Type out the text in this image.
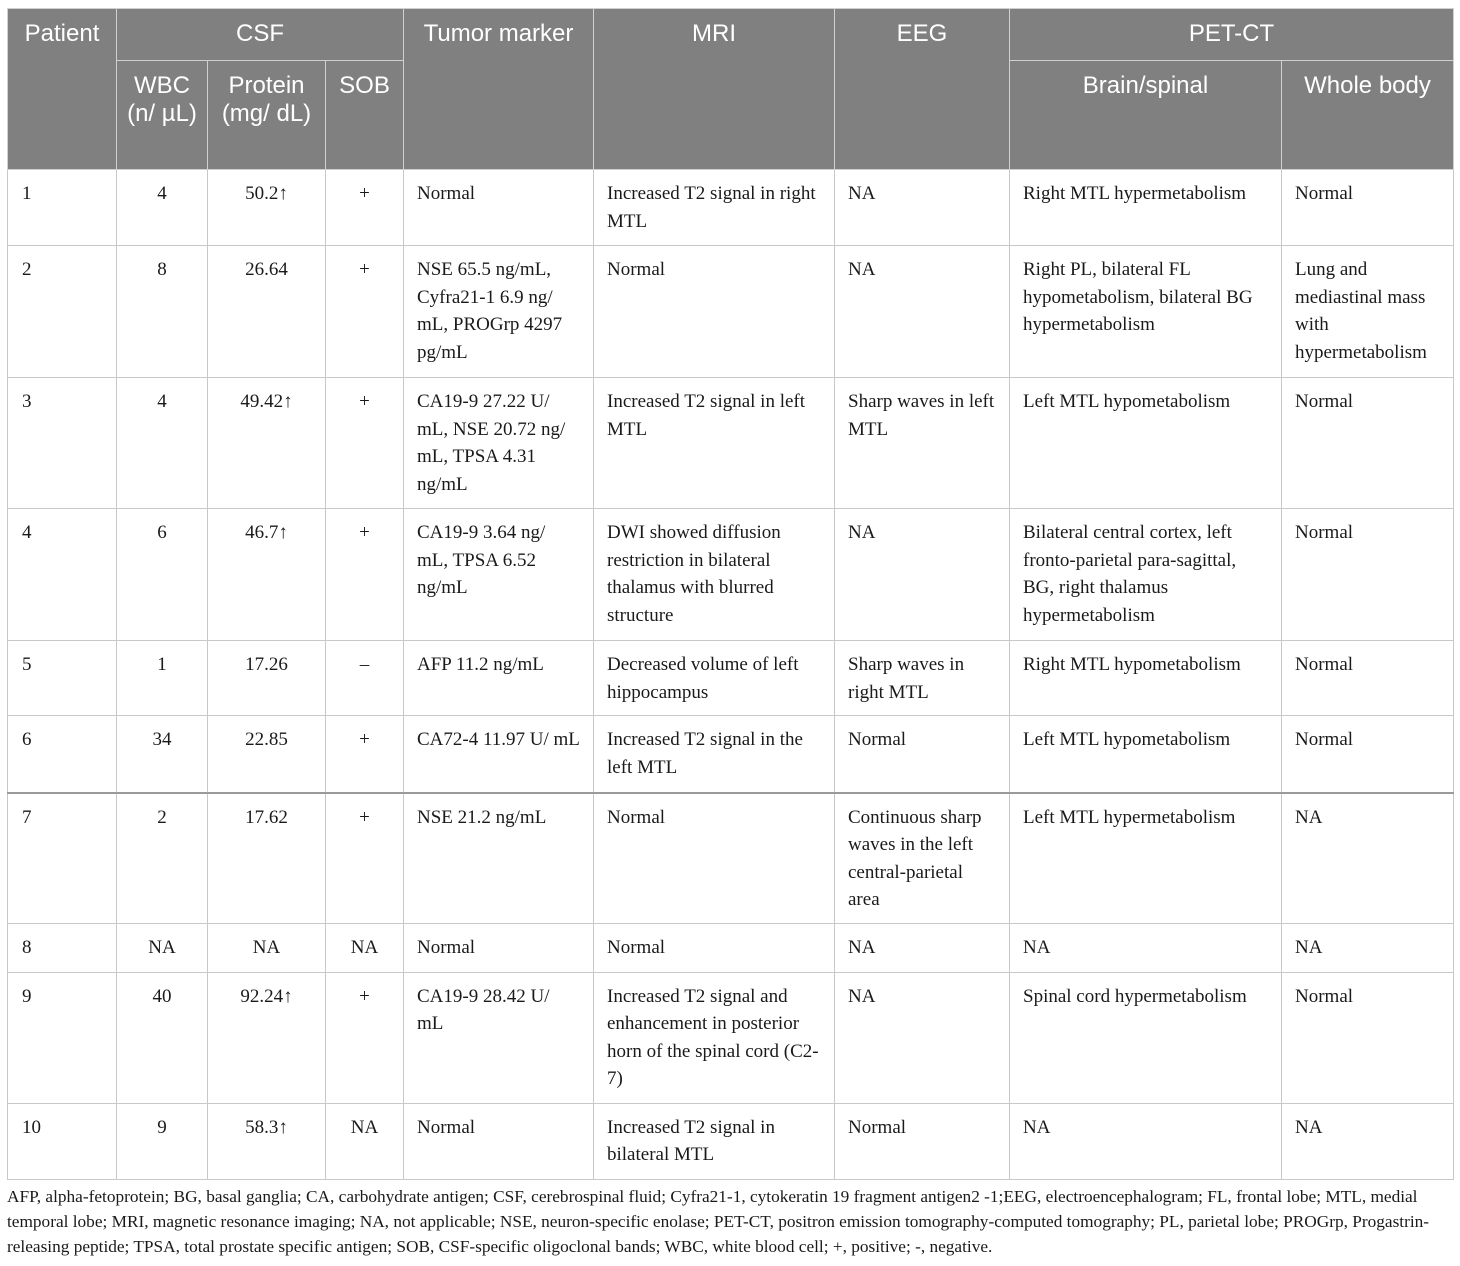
Patient	CSF			Tumor marker	MRI	EEG	PET-CT	
	WBC (n/ µL)	Protein (mg/ dL)	SOB				Brain/spinal	Whole body
1	4	50.2↑	+	Normal	Increased T2 signal in right MTL	NA	Right MTL hypermetabolism	Normal
2	8	26.64	+	NSE 65.5 ng/mL, Cyfra21-1 6.9 ng/ mL, PROGrp 4297 pg/mL	Normal	NA	Right PL, bilateral FL hypometabolism, bilateral BG hypermetabolism	Lung and mediastinal mass with hypermetabolism
3	4	49.42↑	+	CA19-9 27.22 U/ mL, NSE 20.72 ng/ mL, TPSA 4.31 ng/mL	Increased T2 signal in left MTL	Sharp waves in left MTL	Left MTL hypometabolism	Normal
4	6	46.7↑	+	CA19-9 3.64 ng/ mL, TPSA 6.52 ng/mL	DWI showed diffusion restriction in bilateral thalamus with blurred structure	NA	Bilateral central cortex, left fronto-parietal para-sagittal, BG, right thalamus hypermetabolism	Normal
5	1	17.26	–	AFP 11.2 ng/mL	Decreased volume of left hippocampus	Sharp waves in right MTL	Right MTL hypometabolism	Normal
6	34	22.85	+	CA72-4 11.97 U/ mL	Increased T2 signal in the left MTL	Normal	Left MTL hypometabolism	Normal
7	2	17.62	+	NSE 21.2 ng/mL	Normal	Continuous sharp waves in the left central-parietal area	Left MTL hypermetabolism	NA
8	NA	NA	NA	Normal	Normal	NA	NA	NA
9	40	92.24↑	+	CA19-9 28.42 U/ mL	Increased T2 signal and enhancement in posterior horn of the spinal cord (C2-7)	NA	Spinal cord hypermetabolism	Normal
10	9	58.3↑	NA	Normal	Increased T2 signal in bilateral MTL	Normal	NA	NA
AFP, alpha-fetoprotein; BG, basal ganglia; CA, carbohydrate antigen; CSF, cerebrospinal fluid; Cyfra21-1, cytokeratin 19 fragment antigen2 -1;EEG, electroencephalogram; FL, frontal lobe; MTL, medial temporal lobe; MRI, magnetic resonance imaging; NA, not applicable; NSE, neuron-specific enolase; PET-CT, positron emission tomography-computed tomography; PL, parietal lobe; PROGrp, Progastrin-releasing peptide; TPSA, total prostate specific antigen; SOB, CSF-specific oligoclonal bands; WBC, white blood cell; +, positive; -, negative.
